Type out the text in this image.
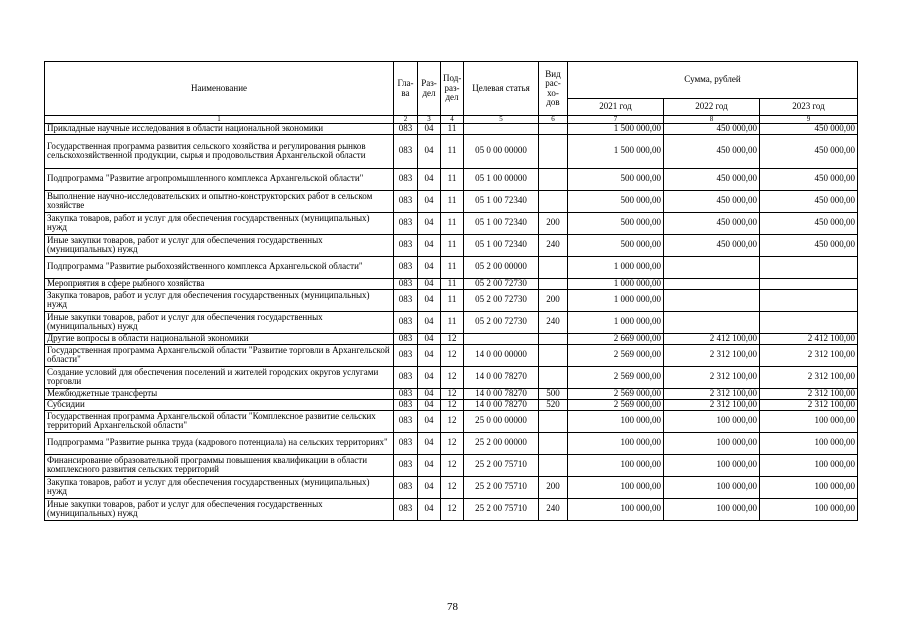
Наименование	Гла-ва	Раз-дел	Под-раз-дел	Целевая статья	Вид рас-хо-дов	Сумма, рублей		
						2021 год	2022 год	2023 год
1	2	3	4	5	6	7	8	9
Прикладные научные исследования в области национальной экономики	083	04	11			1 500 000,00	450 000,00	450 000,00
Государственная программа развития сельского хозяйства и регулирования рынков сельскохозяйственной продукции, сырья и продовольствия Архангельской области	083	04	11	05 0 00 00000		1 500 000,00	450 000,00	450 000,00
Подпрограмма "Развитие агропромышленного комплекса Архангельской области"	083	04	11	05 1 00 00000		500 000,00	450 000,00	450 000,00
Выполнение научно-исследовательских и опытно-конструкторских работ в сельском хозяйстве	083	04	11	05 1 00 72340		500 000,00	450 000,00	450 000,00
Закупка товаров, работ и услуг для обеспечения государственных (муниципальных) нужд	083	04	11	05 1 00 72340	200	500 000,00	450 000,00	450 000,00
Иные закупки товаров, работ и услуг для обеспечения государственных (муниципальных) нужд	083	04	11	05 1 00 72340	240	500 000,00	450 000,00	450 000,00
Подпрограмма "Развитие рыбохозяйственного комплекса Архангельской области"	083	04	11	05 2 00 00000		1 000 000,00		
Мероприятия в сфере рыбного хозяйства	083	04	11	05 2 00 72730		1 000 000,00		
Закупка товаров, работ и услуг для обеспечения государственных (муниципальных) нужд	083	04	11	05 2 00 72730	200	1 000 000,00		
Иные закупки товаров, работ и услуг для обеспечения государственных (муниципальных) нужд	083	04	11	05 2 00 72730	240	1 000 000,00		
Другие вопросы в области национальной экономики	083	04	12			2 669 000,00	2 412 100,00	2 412 100,00
Государственная программа Архангельской области "Развитие торговли в Архангельской области"	083	04	12	14 0 00 00000		2 569 000,00	2 312 100,00	2 312 100,00
Создание условий для обеспечения поселений и жителей городских округов услугами торговли	083	04	12	14 0 00 78270		2 569 000,00	2 312 100,00	2 312 100,00
Межбюджетные трансферты	083	04	12	14 0 00 78270	500	2 569 000,00	2 312 100,00	2 312 100,00
Субсидии	083	04	12	14 0 00 78270	520	2 569 000,00	2 312 100,00	2 312 100,00
Государственная программа Архангельской области "Комплексное развитие сельских территорий Архангельской области"	083	04	12	25 0 00 00000		100 000,00	100 000,00	100 000,00
Подпрограмма "Развитие рынка труда (кадрового потенциала) на сельских территориях"	083	04	12	25 2 00 00000		100 000,00	100 000,00	100 000,00
Финансирование образовательной программы повышения квалификации в области комплексного развития сельских территорий	083	04	12	25 2 00 75710		100 000,00	100 000,00	100 000,00
Закупка товаров, работ и услуг для обеспечения государственных (муниципальных) нужд	083	04	12	25 2 00 75710	200	100 000,00	100 000,00	100 000,00
Иные закупки товаров, работ и услуг для обеспечения государственных (муниципальных) нужд	083	04	12	25 2 00 75710	240	100 000,00	100 000,00	100 000,00
78
